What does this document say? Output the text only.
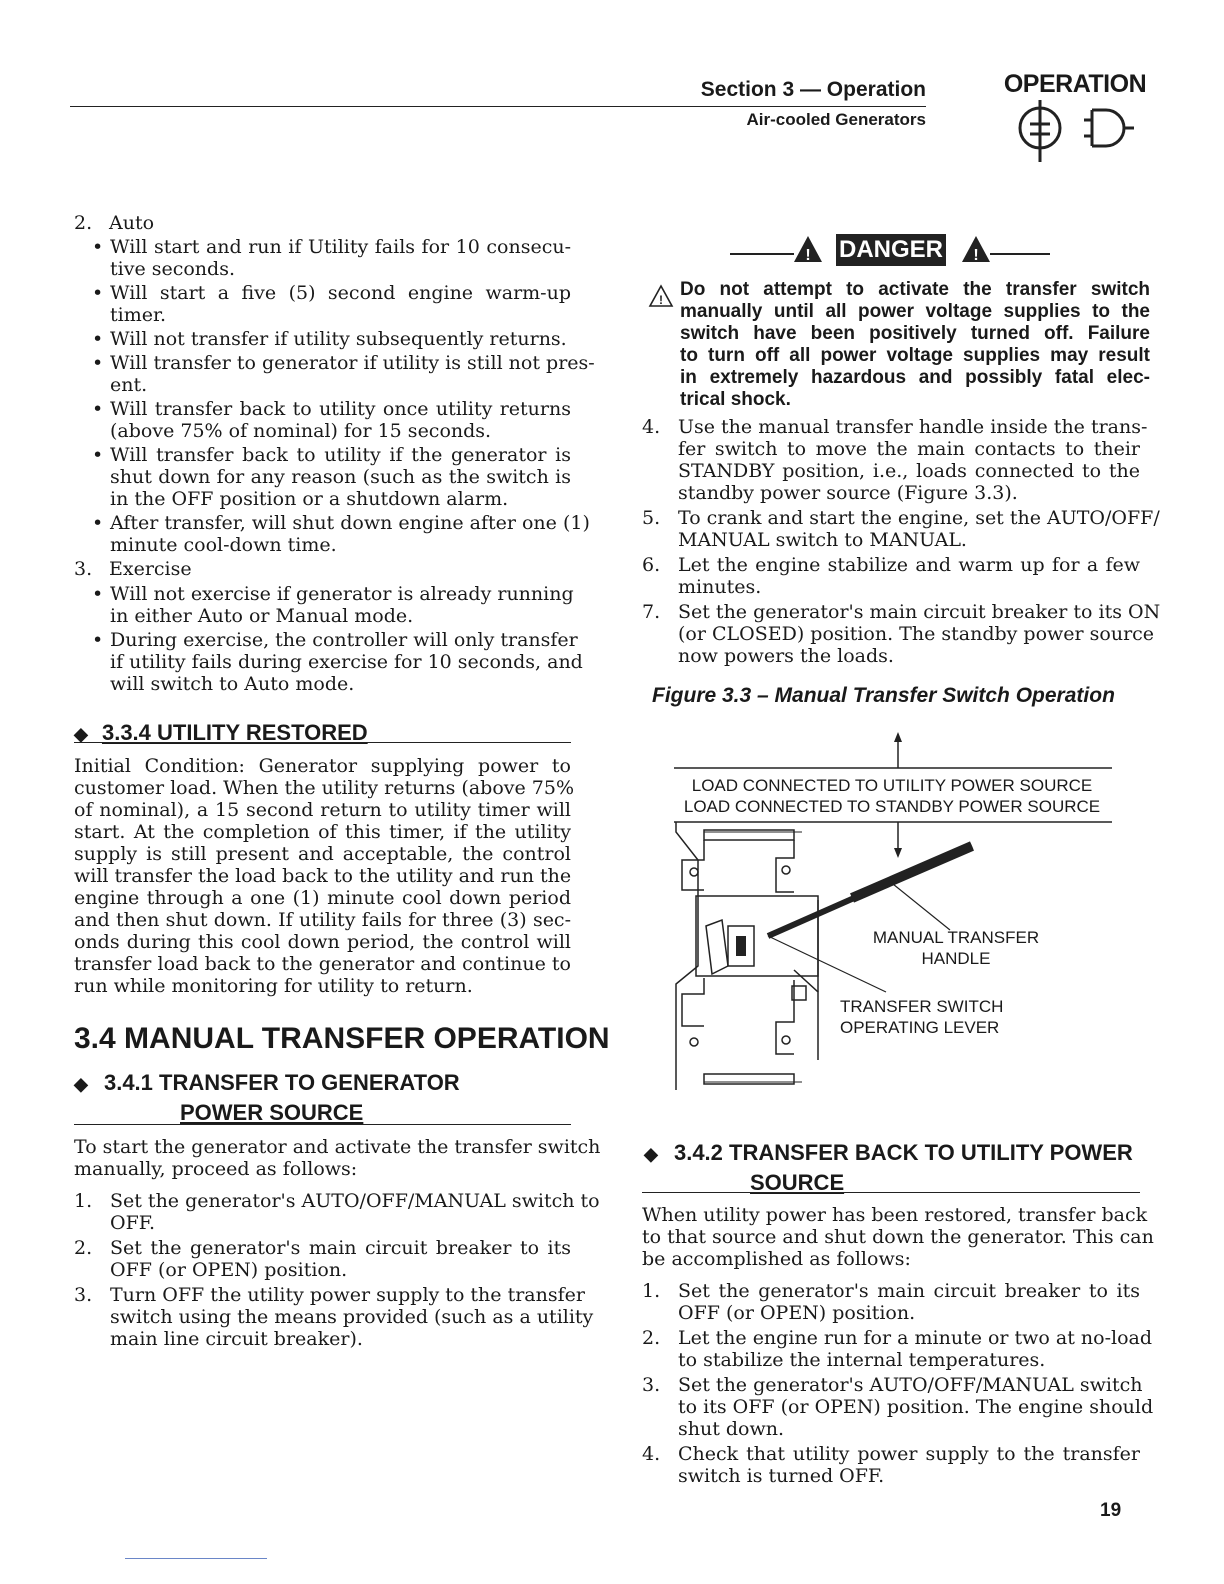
Section 3 — Operation
Air-cooled Generators
OPERATION
2. Auto
• Will start and run if Utility fails for 10 consecu-
tive seconds.
• Will start a five (5) second engine warm-up
timer.
• Will not transfer if utility subsequently returns.
• Will transfer to generator if utility is still not pres-
ent.
• Will transfer back to utility once utility returns
(above 75% of nominal) for 15 seconds.
• Will transfer back to utility if the generator is
shut down for any reason (such as the switch is
in the OFF position or a shutdown alarm.
• After transfer, will shut down engine after one (1)
minute cool-down time.
3. Exercise
• Will not exercise if generator is already running
in either Auto or Manual mode.
• During exercise, the controller will only transfer
if utility fails during exercise for 10 seconds, and
will switch to Auto mode.
◆ 3.3.4 UTILITY RESTORED
Initial Condition: Generator supplying power to
customer load. When the utility returns (above 75%
of nominal), a 15 second return to utility timer will
start. At the completion of this timer, if the utility
supply is still present and acceptable, the control
will transfer the load back to the utility and run the
engine through a one (1) minute cool down period
and then shut down. If utility fails for three (3) sec-
onds during this cool down period, the control will
transfer load back to the generator and continue to
run while monitoring for utility to return.
3.4 MANUAL TRANSFER OPERATION
◆ 3.4.1 TRANSFER TO GENERATOR
POWER SOURCE
To start the generator and activate the transfer switch
manually, proceed as follows:
1. Set the generator's AUTO/OFF/MANUAL switch to
OFF.
2. Set the generator's main circuit breaker to its
OFF (or OPEN) position.
3. Turn OFF the utility power supply to the transfer
switch using the means provided (such as a utility
main line circuit breaker).
!	!
DANGER
! Do not attempt to activate the transfer switch
manually until all power voltage supplies to the
switch have been positively turned off. Failure
to turn off all power voltage supplies may result
in extremely hazardous and possibly fatal elec-
trical shock.
4. Use the manual transfer handle inside the trans-
fer switch to move the main contacts to their
STANDBY position, i.e., loads connected to the
standby power source (Figure 3.3).
5. To crank and start the engine, set the AUTO/OFF/
MANUAL switch to MANUAL.
6. Let the engine stabilize and warm up for a few
minutes.
7. Set the generator's main circuit breaker to its ON
(or CLOSED) position. The standby power source
now powers the loads.
Figure 3.3 – Manual Transfer Switch Operation
LOAD CONNECTED TO UTILITY POWER SOURCE
LOAD CONNECTED TO STANDBY POWER SOURCE
MANUAL TRANSFER
HANDLE
TRANSFER SWITCH
OPERATING LEVER
◆ 3.4.2 TRANSFER BACK TO UTILITY POWER
SOURCE
When utility power has been restored, transfer back
to that source and shut down the generator. This can
be accomplished as follows:
1. Set the generator's main circuit breaker to its
OFF (or OPEN) position.
2. Let the engine run for a minute or two at no-load
to stabilize the internal temperatures.
3. Set the generator's AUTO/OFF/MANUAL switch
to its OFF (or OPEN) position. The engine should
shut down.
4. Check that utility power supply to the transfer
switch is turned OFF.
19
